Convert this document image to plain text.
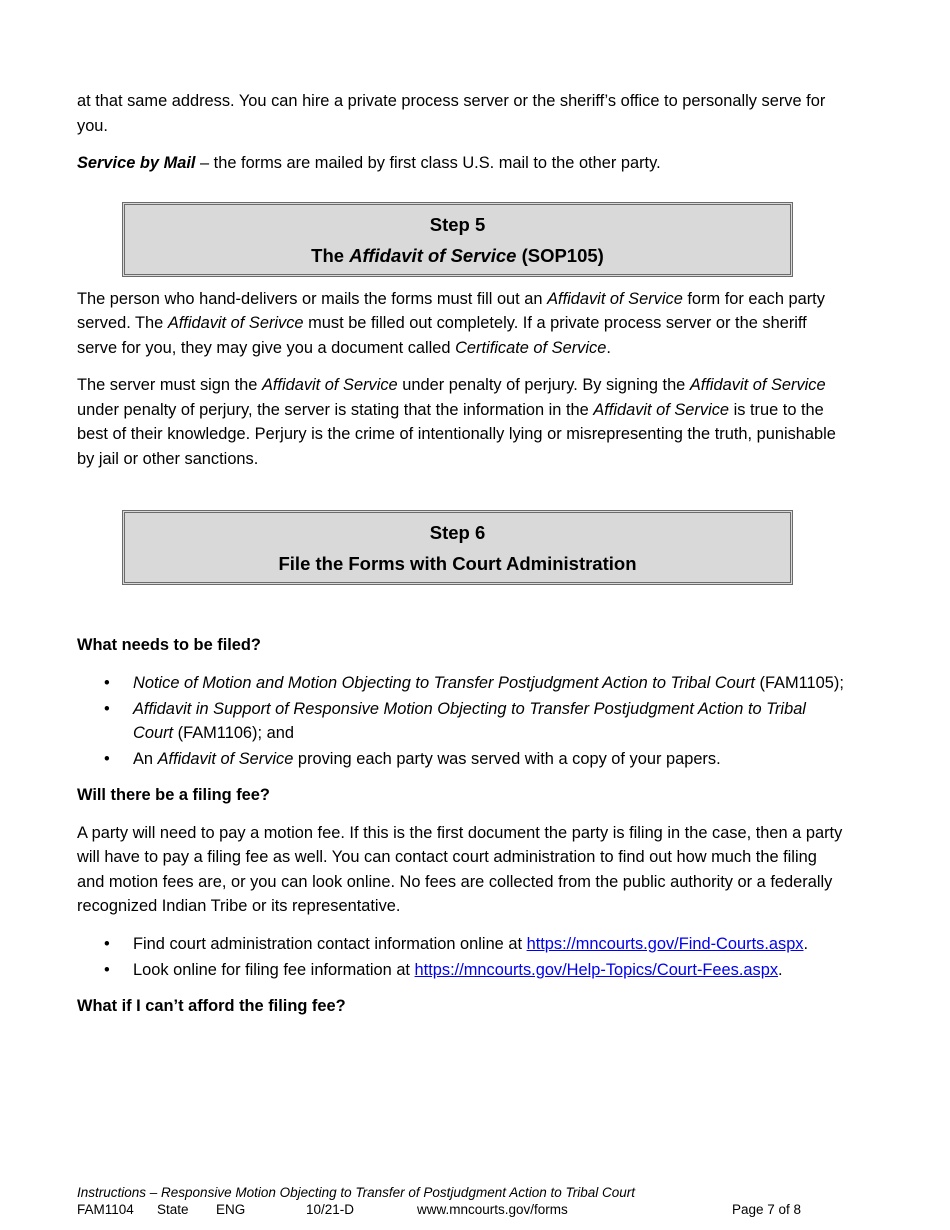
at that same address. You can hire a private process server or the sheriff’s office to personally serve for you.

Service by Mail – the forms are mailed by first class U.S. mail to the other party.

Step 5
The Affidavit of Service (SOP105)

The person who hand-delivers or mails the forms must fill out an Affidavit of Service form for each party served. The Affidavit of Serivce must be filled out completely. If a private process server or the sheriff serve for you, they may give you a document called Certificate of Service.

The server must sign the Affidavit of Service under penalty of perjury. By signing the Affidavit of Service under penalty of perjury, the server is stating that the information in the Affidavit of Service is true to the best of their knowledge. Perjury is the crime of intentionally lying or misrepresenting the truth, punishable by jail or other sanctions.

Step 6
File the Forms with Court Administration
What needs to be filed?
• Notice of Motion and Motion Objecting to Transfer Postjudgment Action to Tribal Court (FAM1105);
• Affidavit in Support of Responsive Motion Objecting to Transfer Postjudgment Action to Tribal Court (FAM1106); and
• An Affidavit of Service proving each party was served with a copy of your papers.
Will there be a filing fee?

A party will need to pay a motion fee. If this is the first document the party is filing in the case, then a party will have to pay a filing fee as well. You can contact court administration to find out how much the filing and motion fees are, or you can look online. No fees are collected from the public authority or a federally recognized Indian Tribe or its representative.

• Find court administration contact information online at https://mncourts.gov/Find-Courts.aspx.
• Look online for filing fee information at https://mncourts.gov/Help-Topics/Court-Fees.aspx.
What if I can’t afford the filing fee?
Instructions – Responsive Motion Objecting to Transfer of Postjudgment Action to Tribal Court
FAM1104 State ENG	10/21-D	www.mncourts.gov/forms	Page 7 of 8
